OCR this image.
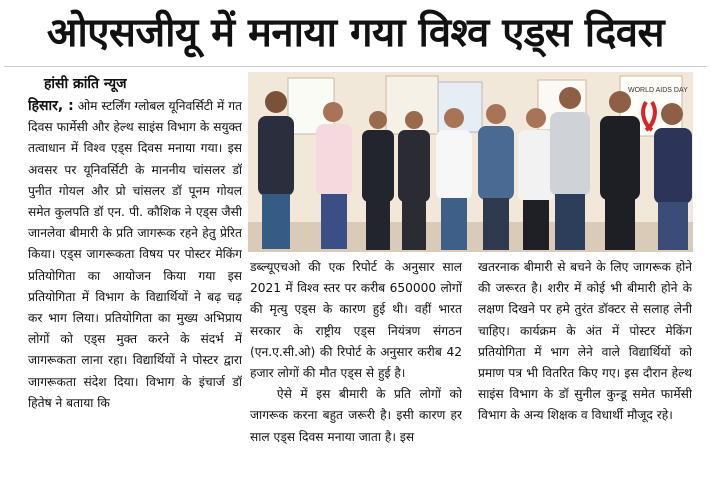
ओएसजीयू में मनाया गया विश्व एड्स दिवस
हांसी क्रांति न्यूज

हिसार, : ओम स्टर्लिंग ग्लोबल यूनिवर्सिटी में गत दिवस फार्मेसी और हेल्थ साइंस विभाग के सयुक्त तत्वाधान में विश्व एड्स दिवस मनाया गया। इस अवसर पर यूनिवर्सिटी के माननीय चांसलर डॉ पुनीत गोयल और प्रो चांसलर डॉ पूनम गोयल समेत कुलपति डॉ एन. पी. कौशिक ने एड्स जैसी जानलेवा बीमारी के प्रति जागरूक रहने हेतु प्रेरित किया। एड्स जागरूकता विषय पर पोस्टर मेकिंग प्रतियोगिता का आयोजन किया गया इस प्रतियोगिता में विभाग के विद्यार्थियों ने बढ़ चढ़ कर भाग लिया। प्रतियोगिता का मुख्य अभिप्राय लोगों को एड्स मुक्त करने के संदर्भ में जागरूकता लाना रहा। विद्यार्थियों ने पोस्टर द्वारा जागरूकता संदेश दिया। विभाग के इंचार्ज डॉ हितेष ने बताया कि

WORLD AIDS DAY

डब्ल्यूएचओ की एक रिपोर्ट के अनुसार साल 2021 में विश्व स्तर पर करीब 650000 लोगों की मृत्यु एड्स के कारण हुई थी। वहीं भारत सरकार के राष्ट्रीय एड्स नियंत्रण संगठन (एन.ए.सी.ओ) की रिपोर्ट के अनुसार करीब 42 हजार लोगों की मौत एड्स से हुई है।

ऐसे में इस बीमारी के प्रति लोगों को जागरूक करना बहुत जरूरी है। इसी कारण हर साल एड्स दिवस मनाया जाता है। इस

खतरनाक बीमारी से बचने के लिए जागरूक होने की जरूरत है। शरीर में कोई भी बीमारी होने के लक्षण दिखने पर हमे तुरंत डॉक्टर से सलाह लेनी चाहिए। कार्यक्रम के अंत में पोस्टर मेकिंग प्रतियोगिता में भाग लेने वाले विद्यार्थियों को प्रमाण पत्र भी वितरित किए गए। इस दौरान हेल्थ साइंस विभाग के डॉ सुनील कुन्डू समेत फार्मेसी विभाग के अन्य शिक्षक व विधार्थी मौजूद रहे।
